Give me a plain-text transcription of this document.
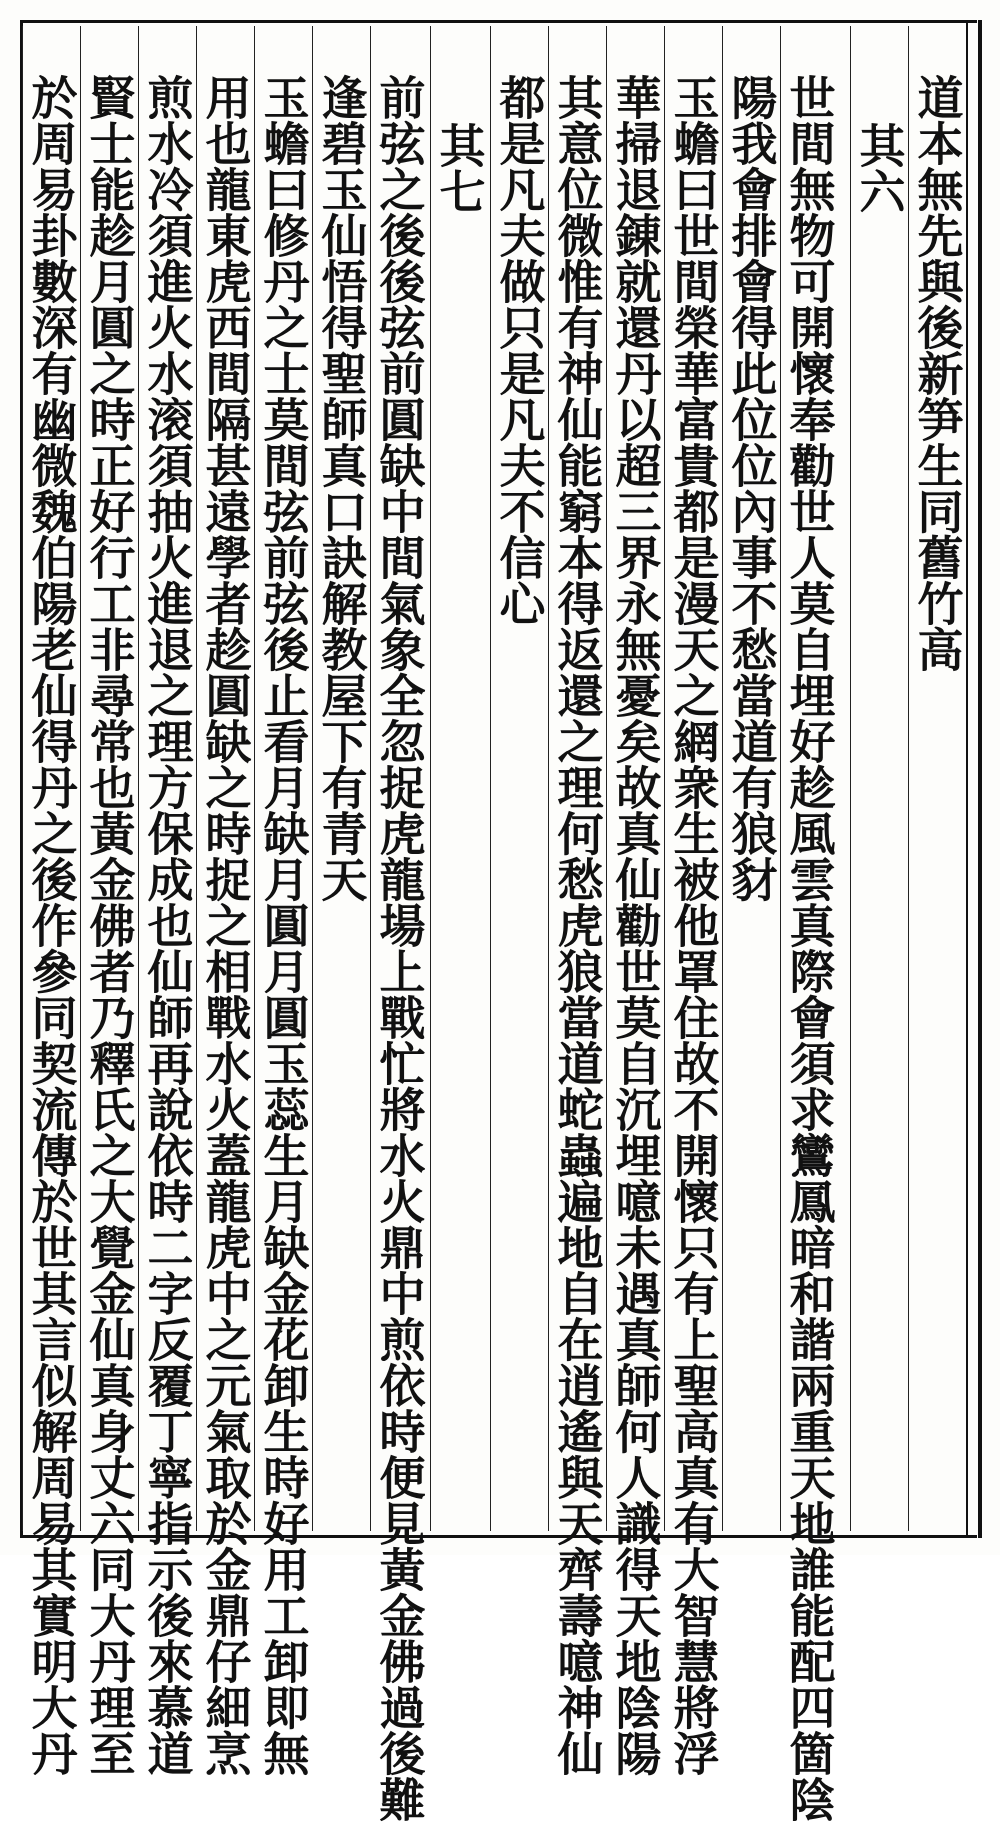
道本無先與後新笋生同舊竹高
其六
世間無物可開懷奉勸世人莫自埋好趁風雲真際會須求鸞鳳暗和諧兩重天地誰能配四箇陰
陽我會排會得此位位內事不愁當道有狼豺
玉蟾曰世間榮華富貴都是漫天之網衆生被他罩住故不開懷只有上聖高真有大智慧將浮
華掃退錬就還丹以超三界永無憂矣故真仙勸世莫自沉埋噫未遇真師何人識得天地陰陽
其意位微惟有神仙能窮本得返還之理何愁虎狼當道蛇蟲遍地自在逍遙與天齊壽噫神仙
都是凡夫做只是凡夫不信心
其七
前弦之後後弦前圓缺中間氣象全忽捉虎龍場上戰忙將水火鼎中煎依時便見黃金佛過後難
逢碧玉仙悟得聖師真口訣解教屋下有青天
玉蟾曰修丹之士莫間弦前弦後止看月缺月圓月圓玉蕊生月缺金花卸生時好用工卸即無
用也龍東虎西間隔甚遠學者趁圓缺之時捉之相戰水火蓋龍虎中之元氣取於金鼎仔細烹
煎水冷須進火水滚須抽火進退之理方保成也仙師再說依時二字反覆丁寧指示後來慕道
賢士能趁月圓之時正好行工非尋常也黃金佛者乃釋氏之大覺金仙真身丈六同大丹理至
於周易卦數深有幽微魏伯陽老仙得丹之後作參同契流傳於世其言似解周易其實明大丹
